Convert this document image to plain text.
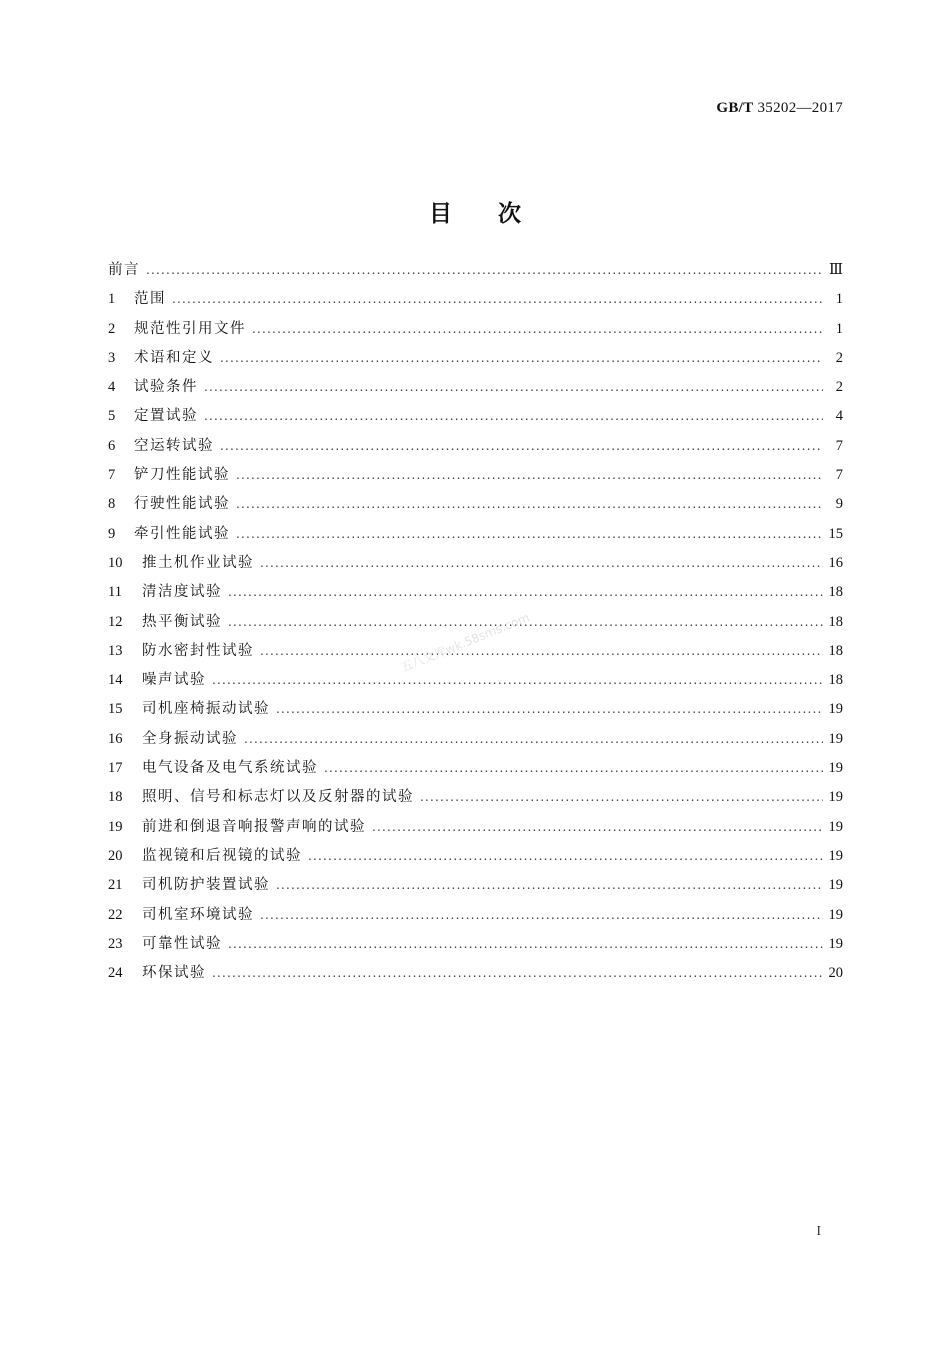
GB/T 35202—2017
目次
前言 .....	Ⅲ
1	范围 .....	1
2	规范性引用文件 .....	1
3	术语和定义 .....	2
4	试验条件 .....	2
5	定置试验 .....	4
6	空运转试验 .....	7
7	铲刀性能试验 .....	7
8	行驶性能试验 .....	9
9	牵引性能试验 .....	15
10	推土机作业试验 .....	16
11	清洁度试验 .....	18
12	热平衡试验 .....	18
13	防水密封性试验 .....	18
14	噪声试验 .....	18
15	司机座椅振动试验 .....	19
16	全身振动试验 .....	19
17	电气设备及电气系统试验 .....	19
18	照明、信号和标志灯以及反射器的试验 .....	19
19	前进和倒退音响报警声响的试验 .....	19
20	监视镜和后视镜的试验 .....	19
21	司机防护装置试验 .....	19
22	司机室环境试验 .....	19
23	可靠性试验 .....	19
24	环保试验 .....	20
五八文库wk.58sms.com
I
